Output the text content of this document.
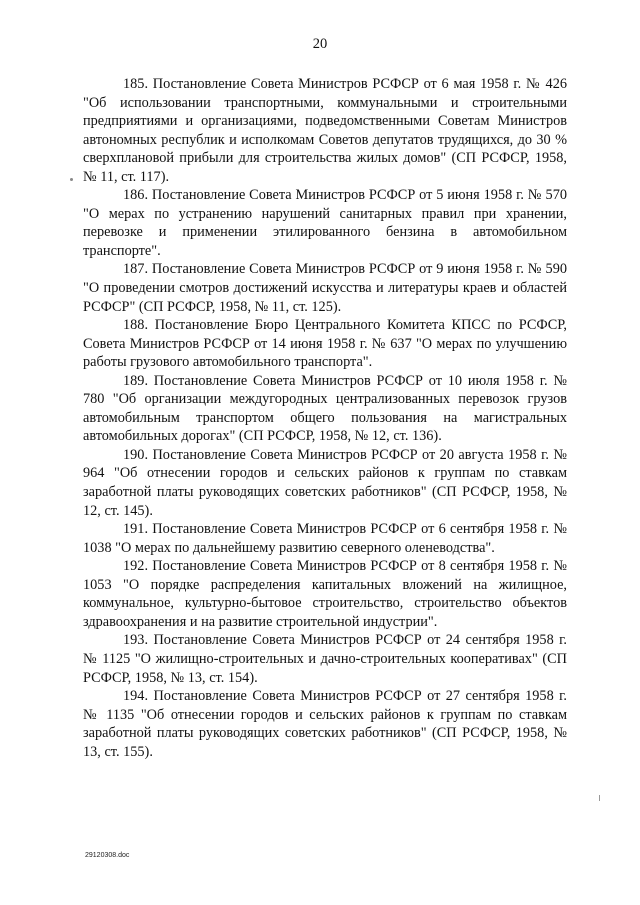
20

185. Постановление Совета Министров РСФСР от 6 мая 1958 г. № 426 "Об использовании транспортными, коммунальными и строительными предприятиями и организациями, подведомственными Советам Министров автономных республик и исполкомам Советов депутатов трудящихся, до 30 % сверхплановой прибыли для строительства жилых домов" (СП РСФСР, 1958, № 11, ст. 117).

186. Постановление Совета Министров РСФСР от 5 июня 1958 г. № 570 "О мерах по устранению нарушений санитарных правил при хранении, перевозке и применении этилированного бензина в автомобильном транспорте".

187. Постановление Совета Министров РСФСР от 9 июня 1958 г. № 590 "О проведении смотров достижений искусства и литературы краев и областей РСФСР" (СП РСФСР, 1958, № 11, ст. 125).

188. Постановление Бюро Центрального Комитета КПСС по РСФСР, Совета Министров РСФСР от 14 июня 1958 г. № 637 "О мерах по улучшению работы грузового автомобильного транспорта".

189. Постановление Совета Министров РСФСР от 10 июля 1958 г. № 780 "Об организации междугородных централизованных перевозок грузов автомобильным транспортом общего пользования на магистральных автомобильных дорогах" (СП РСФСР, 1958, № 12, ст. 136).

190. Постановление Совета Министров РСФСР от 20 августа 1958 г. № 964 "Об отнесении городов и сельских районов к группам по ставкам заработной платы руководящих советских работников" (СП РСФСР, 1958, № 12, ст. 145).

191. Постановление Совета Министров РСФСР от 6 сентября 1958 г. № 1038 "О мерах по дальнейшему развитию северного оленеводства".

192. Постановление Совета Министров РСФСР от 8 сентября 1958 г. № 1053 "О порядке распределения капитальных вложений на жилищное, коммунальное, культурно-бытовое строительство, строительство объектов здравоохранения и на развитие строительной индустрии".

193. Постановление Совета Министров РСФСР от 24 сентября 1958 г. № 1125 "О жилищно-строительных и дачно-строительных кооперативах" (СП РСФСР, 1958, № 13, ст. 154).

194. Постановление Совета Министров РСФСР от 27 сентября 1958 г. № 1135 "Об отнесении городов и сельских районов к группам по ставкам заработной платы руководящих советских работников" (СП РСФСР, 1958, № 13, ст. 155).

29120308.doc
